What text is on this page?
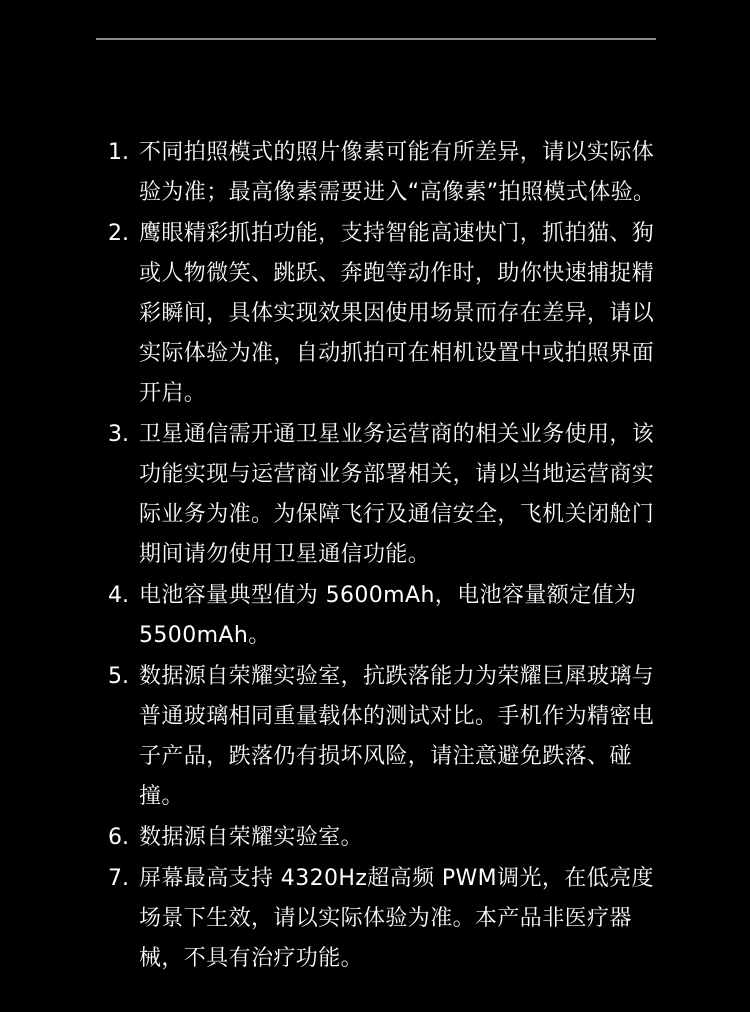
1. 不同拍照模式的照片像素可能有所差异，请以实际体验为准；最高像素需要进入“高像素”拍照模式体验。
2. 鹰眼精彩抓拍功能，支持智能高速快门，抓拍猫、狗或人物微笑、跳跃、奔跑等动作时，助你快速捕捉精彩瞬间，具体实现效果因使用场景而存在差异，请以实际体验为准，自动抓拍可在相机设置中或拍照界面开启。
3. 卫星通信需开通卫星业务运营商的相关业务使用，该功能实现与运营商业务部署相关，请以当地运营商实际业务为准。为保障飞行及通信安全，飞机关闭舱门期间请勿使用卫星通信功能。
4. 电池容量典型值为 5600mAh，电池容量额定值为5500mAh。
5. 数据源自荣耀实验室，抗跌落能力为荣耀巨犀玻璃与普通玻璃相同重量载体的测试对比。手机作为精密电子产品，跌落仍有损坏风险，请注意避免跌落、碰撞。
6. 数据源自荣耀实验室。
7. 屏幕最高支持 4320Hz超高频 PWM调光，在低亮度场景下生效，请以实际体验为准。本产品非医疗器械，不具有治疗功能。
